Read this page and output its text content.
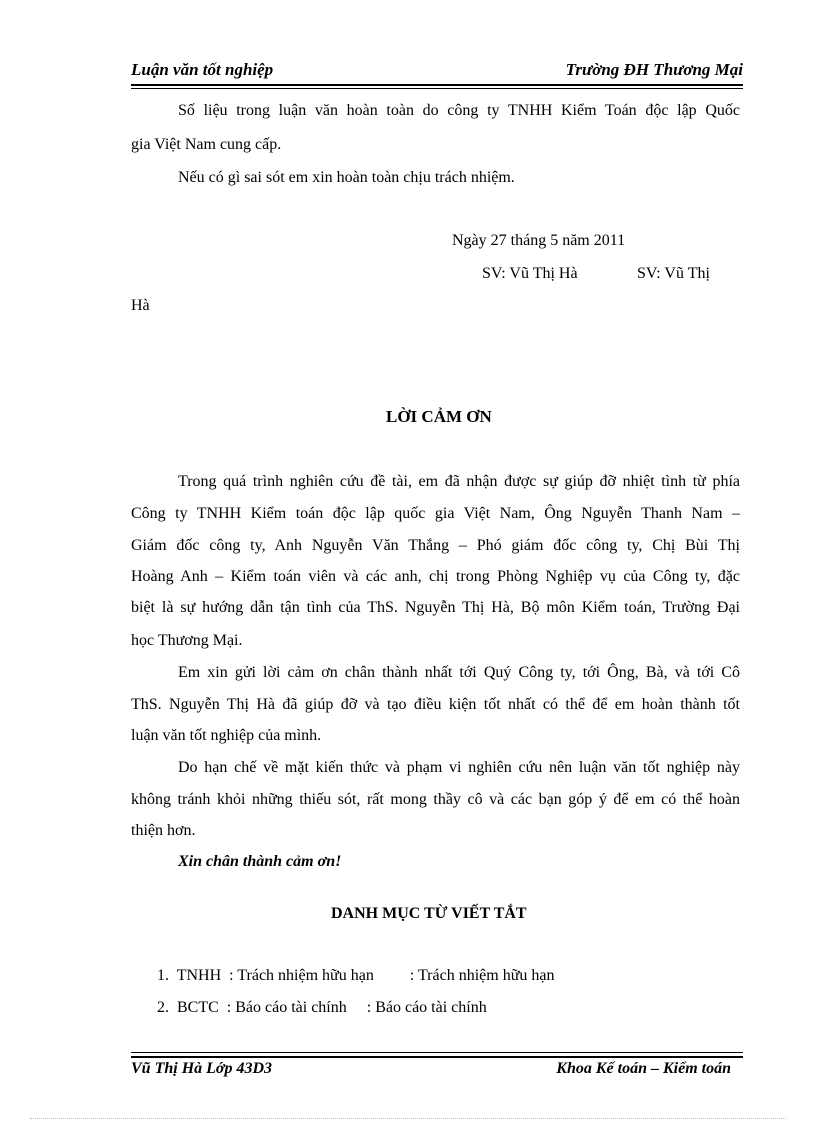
Luận văn tốt nghiệp	Trường ĐH Thương Mại
Số liệu trong luận văn hoàn toàn do công ty TNHH Kiểm Toán độc lập Quốc
gia Việt Nam cung cấp.
Nếu có gì sai sót em xin hoàn toàn chịu trách nhiệm.
Ngày 27 tháng 5 năm 2011
SV: Vũ Thị Hà	SV: Vũ Thị
Hà
LỜI CẢM ƠN
Trong quá trình nghiên cứu đề tài, em đã nhận được sự giúp đỡ nhiệt tình từ phía
Công ty TNHH Kiểm toán độc lập quốc gia Việt Nam, Ông Nguyễn Thanh Nam –
Giám đốc công ty, Anh Nguyễn Văn Thắng – Phó giám đốc công ty, Chị Bùi Thị
Hoàng Anh – Kiểm toán viên và các anh, chị trong Phòng Nghiệp vụ của Công ty, đặc
biệt là sự hướng dẫn tận tình của ThS. Nguyễn Thị Hà, Bộ môn Kiểm toán, Trường Đại
học Thương Mại.
Em xin gửi lời cảm ơn chân thành nhất tới Quý Công ty, tới Ông, Bà, và tới Cô
ThS. Nguyễn Thị Hà đã giúp đỡ và tạo điều kiện tốt nhất có thể để em hoàn thành tốt
luận văn tốt nghiệp của mình.
Do hạn chế về mặt kiến thức và phạm vi nghiên cứu nên luận văn tốt nghiệp này
không tránh khỏi những thiếu sót, rất mong thầy cô và các bạn góp ý để em có thể hoàn
thiện hơn.
Xin chân thành cảm ơn!
DANH MỤC TỪ VIẾT TẮT
1.  TNHH  : Trách nhiệm hữu hạn         : Trách nhiệm hữu hạn
2.  BCTC  : Báo cáo tài chính     : Báo cáo tài chính
Vũ Thị Hà Lớp 43D3	Khoa Kế toán – Kiểm toán
